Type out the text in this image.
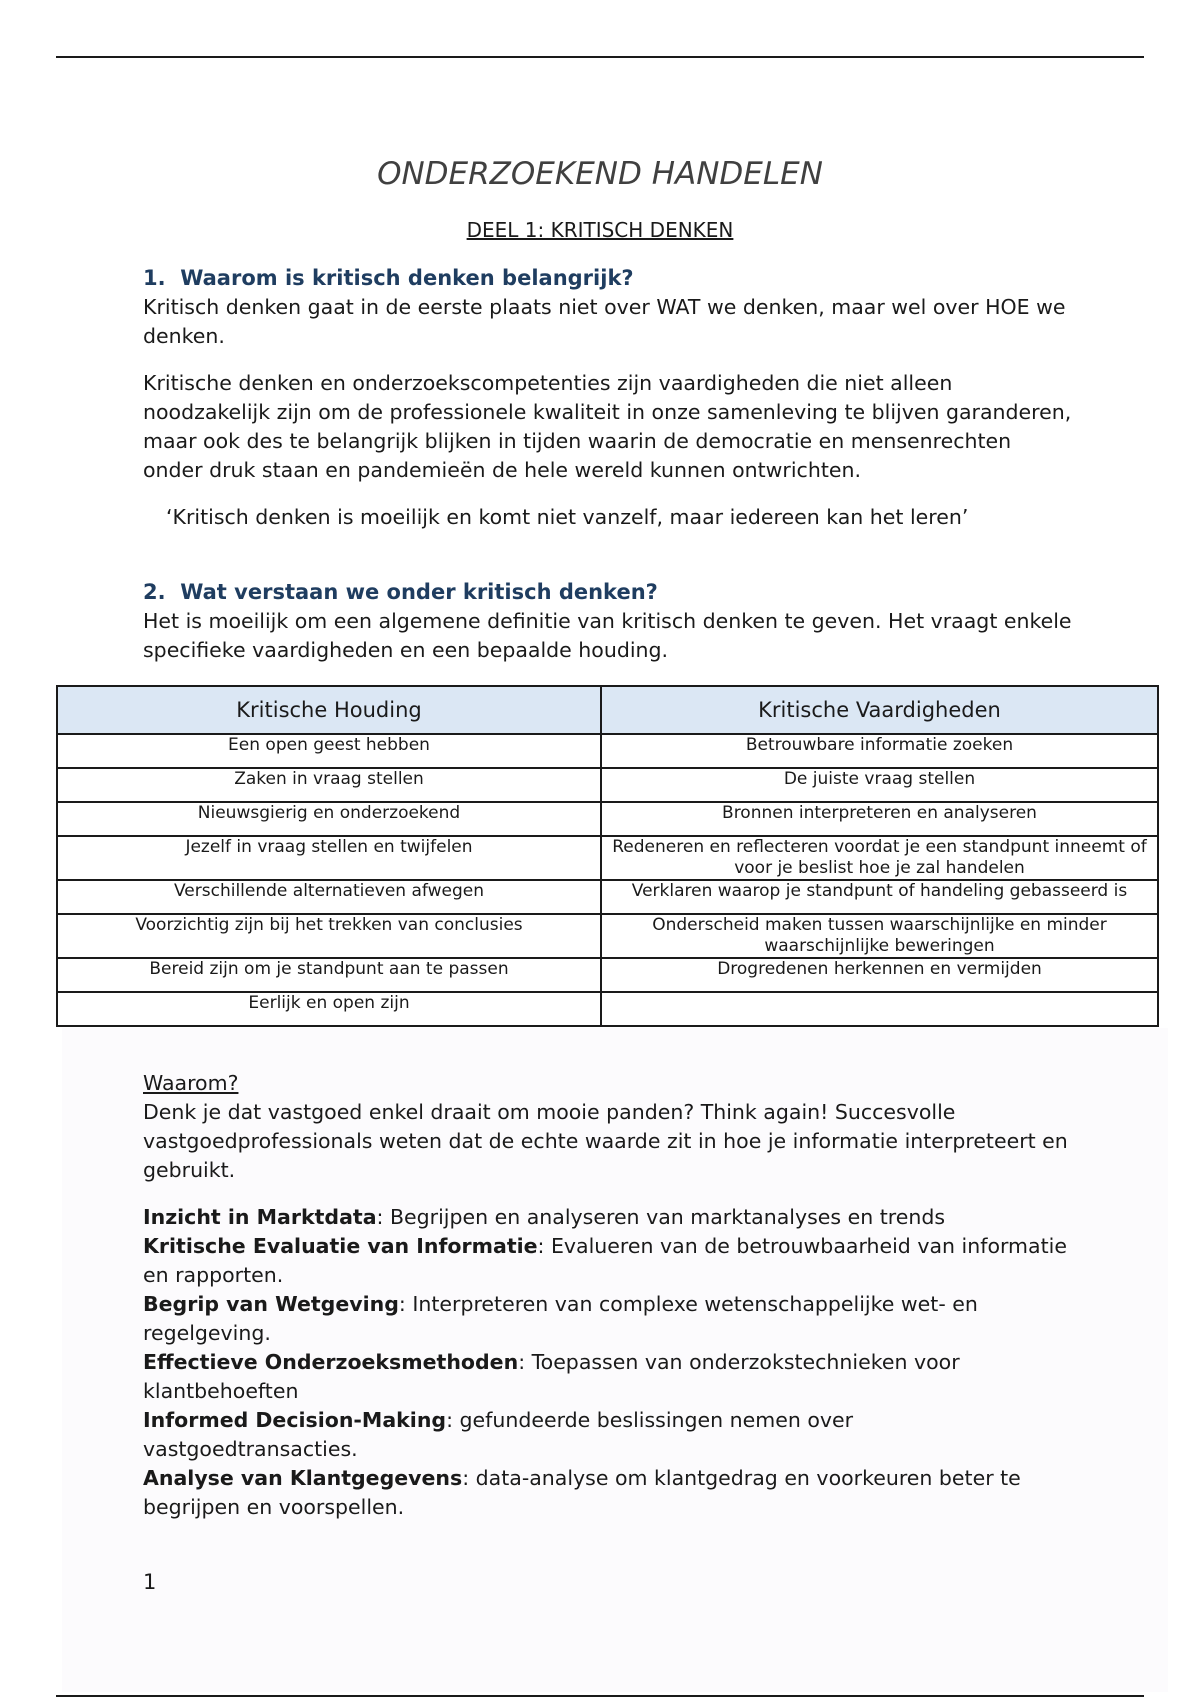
ONDERZOEKEND HANDELEN
DEEL 1: KRITISCH DENKEN

1. Waarom is kritisch denken belangrijk?

Kritisch denken gaat in de eerste plaats niet over WAT we denken, maar wel over HOE we denken.

Kritische denken en onderzoekscompetenties zijn vaardigheden die niet alleen noodzakelijk zijn om de professionele kwaliteit in onze samenleving te blijven garanderen, maar ook des te belangrijk blijken in tijden waarin de democratie en mensenrechten onder druk staan en pandemieën de hele wereld kunnen ontwrichten.

‘Kritisch denken is moeilijk en komt niet vanzelf, maar iedereen kan het leren’

2. Wat verstaan we onder kritisch denken?

Het is moeilijk om een algemene definitie van kritisch denken te geven. Het vraagt enkele specifieke vaardigheden en een bepaalde houding.

Kritische Houding	Kritische Vaardigheden
Een open geest hebben	Betrouwbare informatie zoeken
Zaken in vraag stellen	De juiste vraag stellen
Nieuwsgierig en onderzoekend	Bronnen interpreteren en analyseren
Jezelf in vraag stellen en twijfelen	Redeneren en reflecteren voordat je een standpunt inneemt of voor je beslist hoe je zal handelen
Verschillende alternatieven afwegen	Verklaren waarop je standpunt of handeling gebasseerd is
Voorzichtig zijn bij het trekken van conclusies	Onderscheid maken tussen waarschijnlijke en minder waarschijnlijke beweringen
Bereid zijn om je standpunt aan te passen	Drogredenen herkennen en vermijden
Eerlijk en open zijn	

Waarom?

Denk je dat vastgoed enkel draait om mooie panden? Think again! Succesvolle vastgoedprofessionals weten dat de echte waarde zit in hoe je informatie interpreteert en gebruikt.

Inzicht in Marktdata: Begrijpen en analyseren van marktanalyses en trends

Kritische Evaluatie van Informatie: Evalueren van de betrouwbaarheid van informatie en rapporten.

Begrip van Wetgeving: Interpreteren van complexe wetenschappelijke wet- en regelgeving.

Effectieve Onderzoeksmethoden: Toepassen van onderzokstechnieken voor klantbehoeften

Informed Decision-Making: gefundeerde beslissingen nemen over vastgoedtransacties.

Analyse van Klantgegevens: data-analyse om klantgedrag en voorkeuren beter te begrijpen en voorspellen.

1
